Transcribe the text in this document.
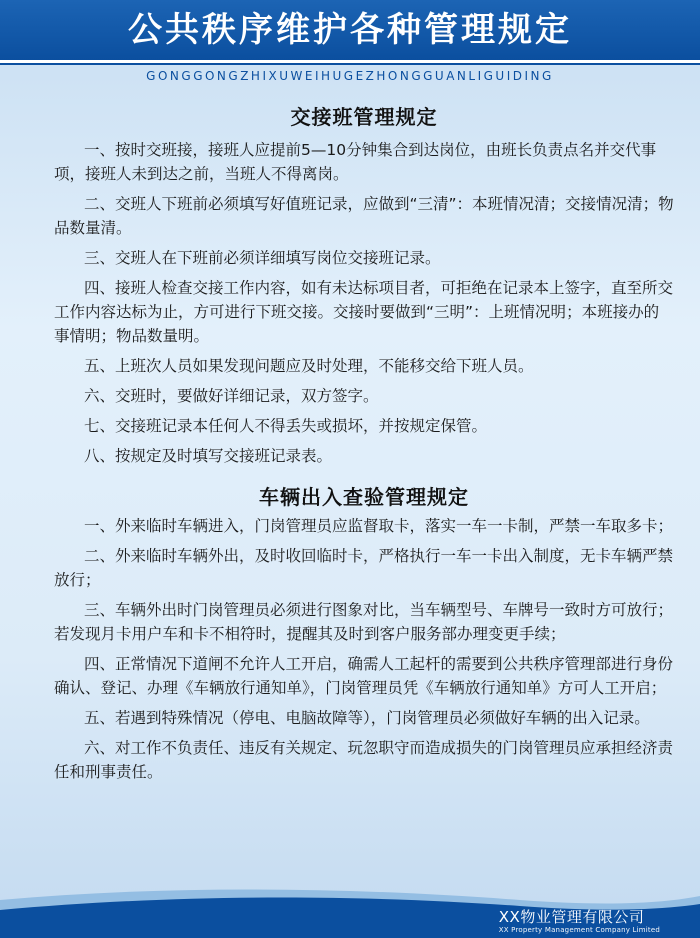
公共秩序维护各种管理规定
GONGGONGZHIXUWEIHUGEZHONGGUANLIGUIDING
交接班管理规定

一、按时交班接，接班人应提前5—10分钟集合到达岗位，由班长负责点名并交代事项，接班人未到达之前，当班人不得离岗。

二、交班人下班前必须填写好值班记录，应做到“三清”：本班情况清；交接情况清；物品数量清。

三、交班人在下班前必须详细填写岗位交接班记录。

四、接班人检查交接工作内容，如有未达标项目者，可拒绝在记录本上签字，直至所交工作内容达标为止，方可进行下班交接。交接时要做到“三明”：上班情况明；本班接办的事情明；物品数量明。

五、上班次人员如果发现问题应及时处理，不能移交给下班人员。

六、交班时，要做好详细记录，双方签字。

七、交接班记录本任何人不得丢失或损坏，并按规定保管。

八、按规定及时填写交接班记录表。

车辆出入查验管理规定

一、外来临时车辆进入，门岗管理员应监督取卡，落实一车一卡制，严禁一车取多卡；

二、外来临时车辆外出，及时收回临时卡，严格执行一车一卡出入制度，无卡车辆严禁放行；

三、车辆外出时门岗管理员必须进行图象对比，当车辆型号、车牌号一致时方可放行；若发现月卡用户车和卡不相符时，提醒其及时到客户服务部办理变更手续；

四、正常情况下道闸不允许人工开启，确需人工起杆的需要到公共秩序管理部进行身份确认、登记、办理《车辆放行通知单》，门岗管理员凭《车辆放行通知单》方可人工开启；

五、若遇到特殊情况（停电、电脑故障等），门岗管理员必须做好车辆的出入记录。

六、对工作不负责任、违反有关规定、玩忽职守而造成损失的门岗管理员应承担经济责任和刑事责任。

XX物业管理有限公司
XX Property Management Company Limited
